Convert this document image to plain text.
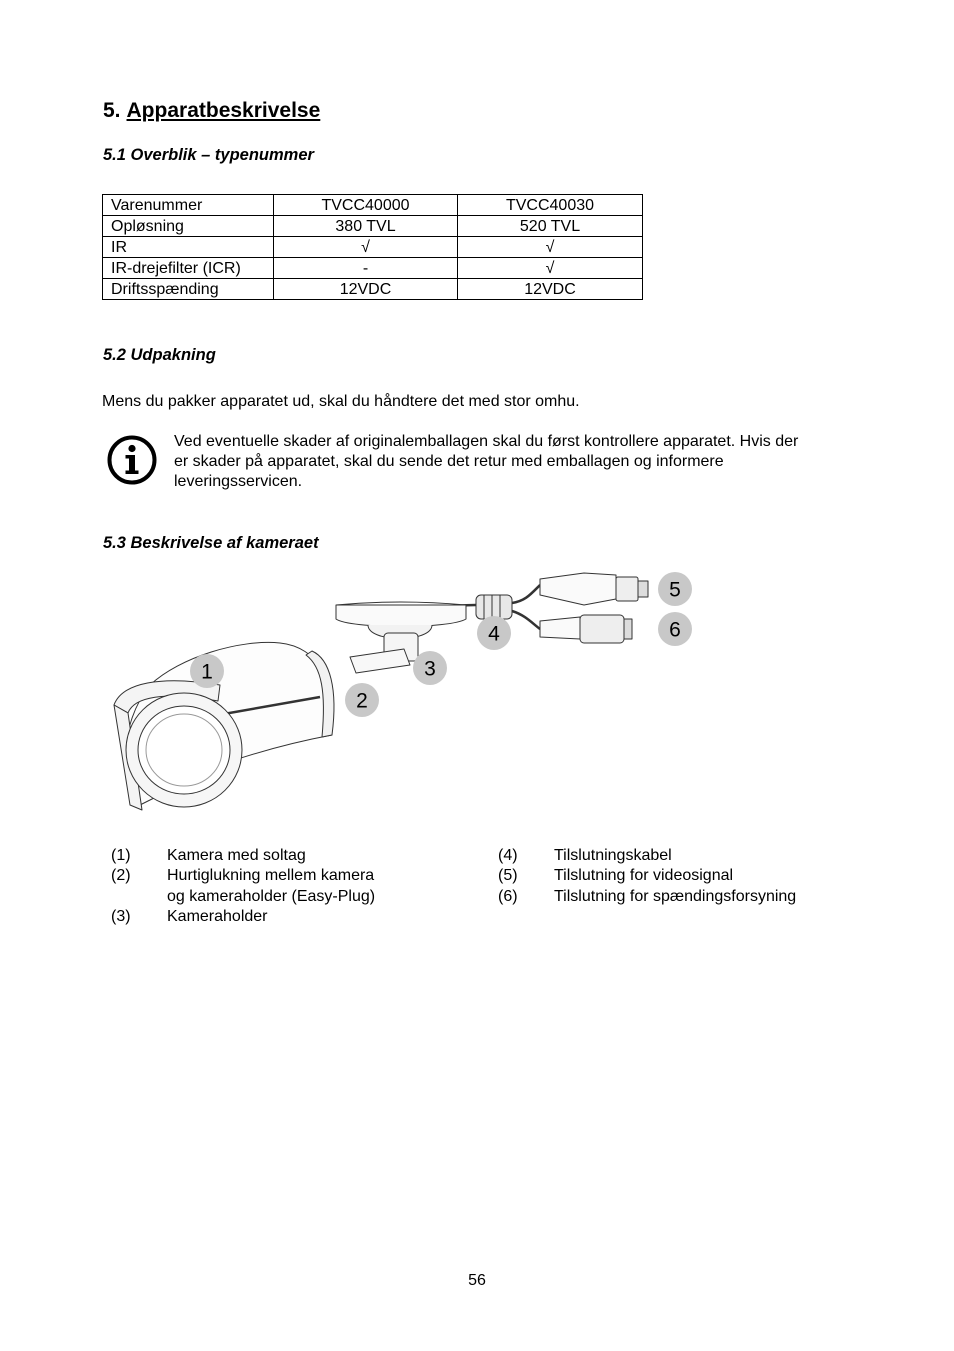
5. Apparatbeskrivelse
5.1 Overblik – typenummer
Varenummer	TVCC40000	TVCC40030
Opløsning	380 TVL	520 TVL
IR	√	√
IR-drejefilter (ICR)	-	√
Driftsspænding	12VDC	12VDC
5.2 Udpakning
Mens du pakker apparatet ud, skal du håndtere det med stor omhu.
Ved eventuelle skader af originalemballagen skal du først kontrollere apparatet. Hvis der
er skader på apparatet, skal du sende det retur med emballagen og informere
leveringsservicen.
5.3 Beskrivelse af kameraet
1
2
3
4
5
6
(1) Kamera med soltag
(2) Hurtiglukning mellem kamera
og kameraholder (Easy-Plug)
(3) Kameraholder
(4) Tilslutningskabel
(5) Tilslutning for videosignal
(6) Tilslutning for spændingsforsyning
56
